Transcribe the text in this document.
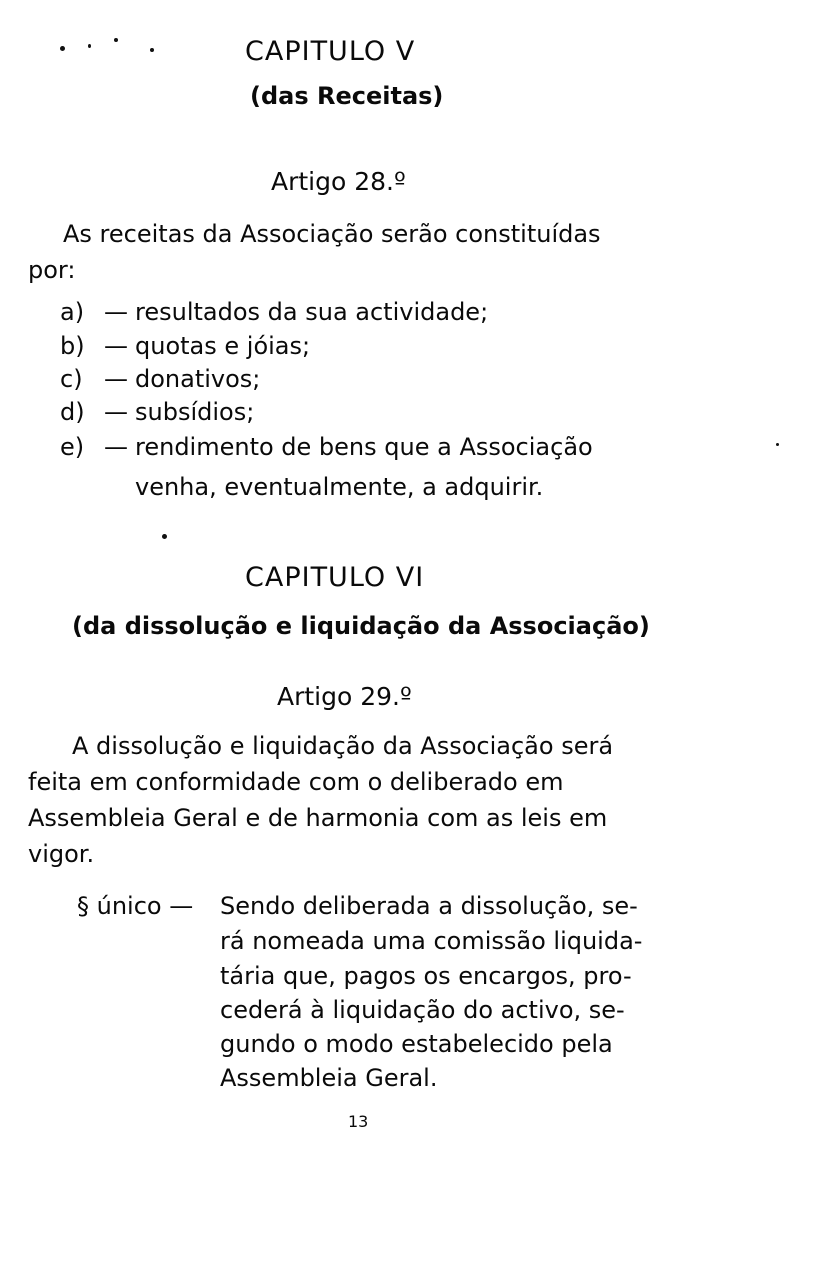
CAPITULO V
(das Receitas)
Artigo 28.º
As receitas da Associação serão constituídas
por:
a) — resultados da sua actividade;
b) — quotas e jóias;
c) — donativos;
d) — subsídios;
e) — rendimento de bens que a Associação
venha, eventualmente, a adquirir.
CAPITULO VI
(da dissolução e liquidação da Associação)
Artigo 29.º
A dissolução e liquidação da Associação será
feita em conformidade com o deliberado em
Assembleia Geral e de harmonia com as leis em
vigor.
§ único — Sendo deliberada a dissolução, se-
rá nomeada uma comissão liquida-
tária que, pagos os encargos, pro-
cederá à liquidação do activo, se-
gundo o modo estabelecido pela
Assembleia Geral.
13
